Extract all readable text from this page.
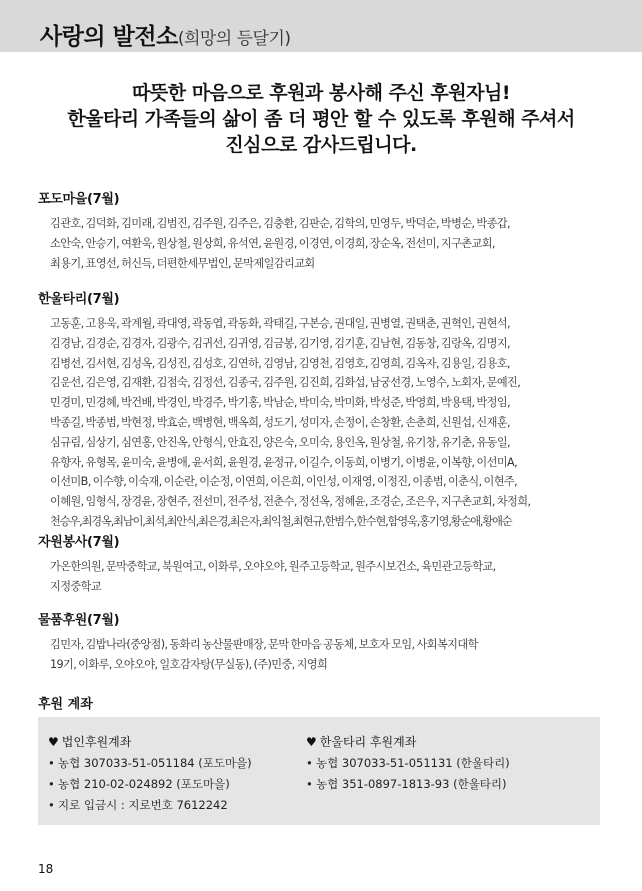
사랑의 발전소(희망의 등달기)
따뜻한 마음으로 후원과 봉사해 주신 후원자님!
한울타리 가족들의 삶이 좀 더 평안 할 수 있도록 후원해 주셔서
진심으로 감사드립니다.
포도마을(7월)
김관호, 김덕화, 김미래, 김범진, 김주원, 김주은, 김충환, 김판순, 김학의, 민영두, 박덕순, 박병순, 박종갑,
소안숙, 안승기, 여환욱, 원상철, 원상희, 유석연, 윤원경, 이경연, 이경희, 장순옥, 전선미, 지구촌교회,
최용기, 표영선, 허신득, 더편한세무법인, 문막제일감리교회
한울타리(7월)
고동훈, 고용욱, 곽계월, 곽대영, 곽동엽, 곽동화, 곽태길, 구본승, 권대일, 권병열, 권택춘, 권혁인, 권현석,
김경남, 김경순, 김경자, 김광수, 김귀선, 김귀영, 김금봉, 김기영, 김기훈, 김남현, 김동창, 김랑옥, 김명지,
김병선, 김서현, 김성옥, 김성진, 김성호, 김연하, 김영남, 김영천, 김영호, 김영희, 김옥자, 김용일, 김용호,
김운선, 김은영, 김재환, 김점숙, 김정선, 김종국, 김주원, 김진희, 김화섭, 남궁선경, 노영수, 노회자, 문예진,
민경미, 민경혜, 박건배, 박경인, 박경주, 박기홍, 박남순, 박미숙, 박미화, 박성준, 박영희, 박용택, 박정임,
박종길, 박종범, 박현정, 박효순, 백병현, 백옥희, 성도기, 성미자, 손정이, 손창환, 손춘희, 신원섭, 신재훈,
심규림, 심상기, 심연홍, 안진옥, 안형식, 안효진, 양은숙, 오미숙, 용인옥, 원상철, 유기창, 유기춘, 유동일,
유향자, 유형목, 윤미숙, 윤병애, 윤서희, 윤원경, 윤정규, 이길수, 이동희, 이병기, 이병윤, 이복향, 이선미A,
이선미B, 이수향, 이숙재, 이순란, 이순정, 이연희, 이은희, 이인성, 이재영, 이정진, 이종범, 이춘식, 이현주,
이혜원, 임형식, 장경윤, 장현주, 전선미, 전주성, 전춘수, 정선옥, 정혜윤, 조경순, 조은우, 지구촌교회, 차정희,
천승우,최경옥,최남이,최석,최안식,최은경,최은자,최익철,최현규,한범수,한수현,함영욱,홍기영,황순애,황애순
자원봉사(7월)
가온한의원, 문막중학교, 북원여고, 이화루, 오야오야, 원주고등학교, 원주시보건소, 육민관고등학교,
지정중학교
물품후원(7월)
김민자, 김밥나라(중앙점), 동화리 농산물판매장, 문막 한마음 공동체, 보호자 모임, 사회복지대학
19기, 이화루, 오야오야, 일호감자탕(무실동), (주)민중, 지영희
후원 계좌
♥ 법인후원계좌
• 농협 307033-51-051184 (포도마을)
• 농협 210-02-024892 (포도마을)
• 지로 입금시 : 지로번호 7612242
♥ 한울타리 후원계좌
• 농협 307033-51-051131 (한울타리)
• 농협 351-0897-1813-93 (한울타리)
18
